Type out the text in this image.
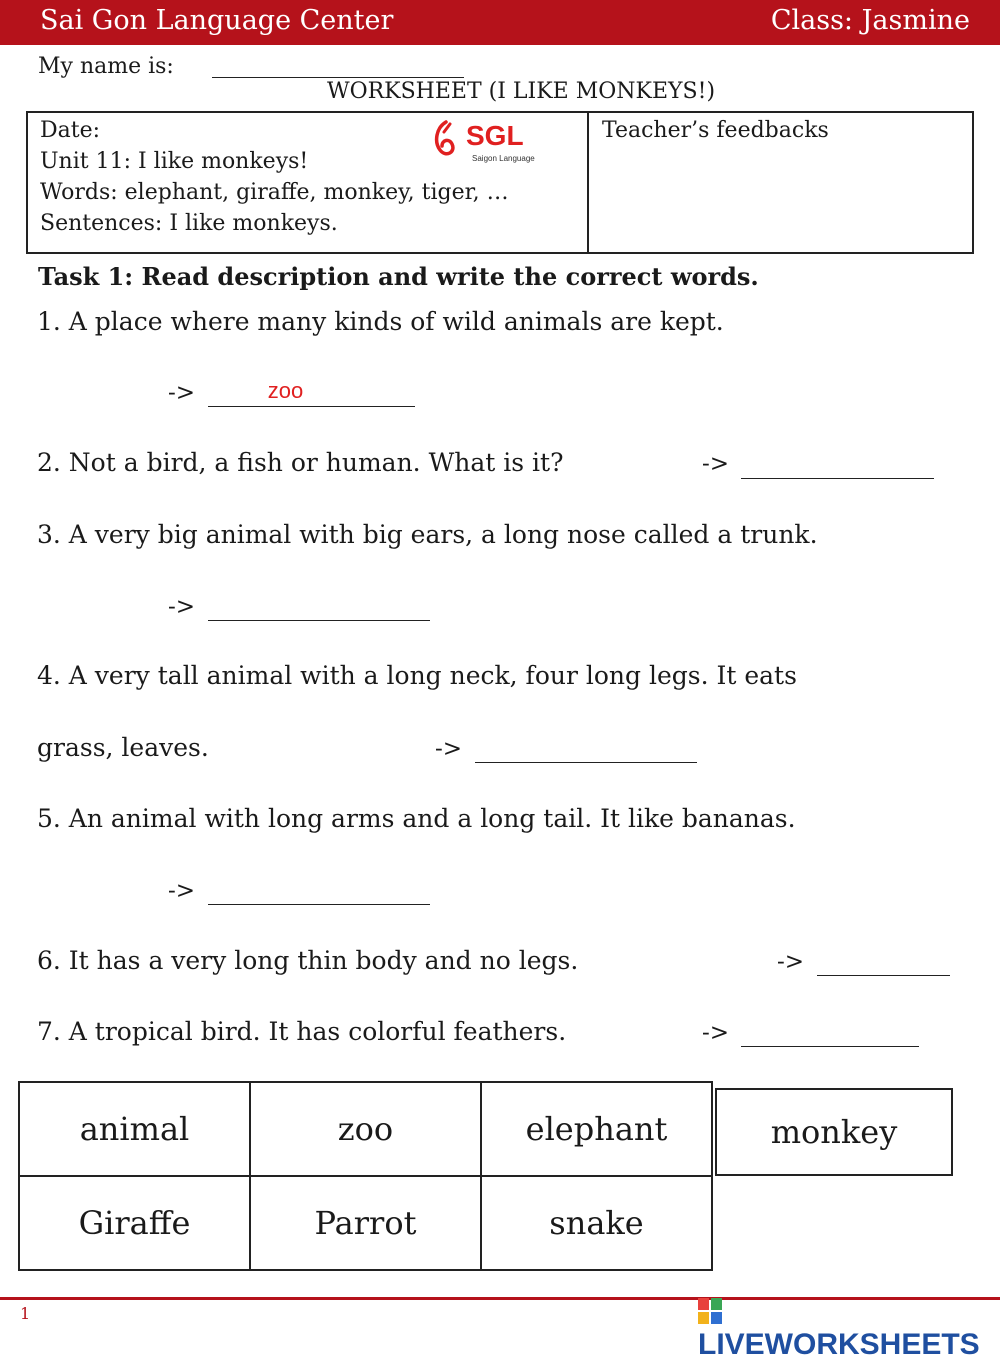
Sai Gon Language Center	Class: Jasmine
My name is:
WORKSHEET (I LIKE MONKEYS!)
Date:
Unit 11: I like monkeys!
Words: elephant, giraffe, monkey, tiger, …
Sentences: I like monkeys.
Teacher’s feedbacks
SGL
Saigon Language
Task 1: Read description and write the correct words.
1. A place where many kinds of wild animals are kept.
->	zoo
2. Not a bird, a fish or human. What is it?	->
3. A very big animal with big ears, a long nose called a trunk.
->
4. A very tall animal with a long neck, four long legs. It eats
grass, leaves.	->
5. An animal with long arms and a long tail. It like bananas.
->
6. It has a very long thin body and no legs.	->
7. A tropical bird. It has colorful feathers.	->
animal	zoo	elephant
Giraffe	Parrot	snake
monkey
1
LIVEWORKSHEETS
